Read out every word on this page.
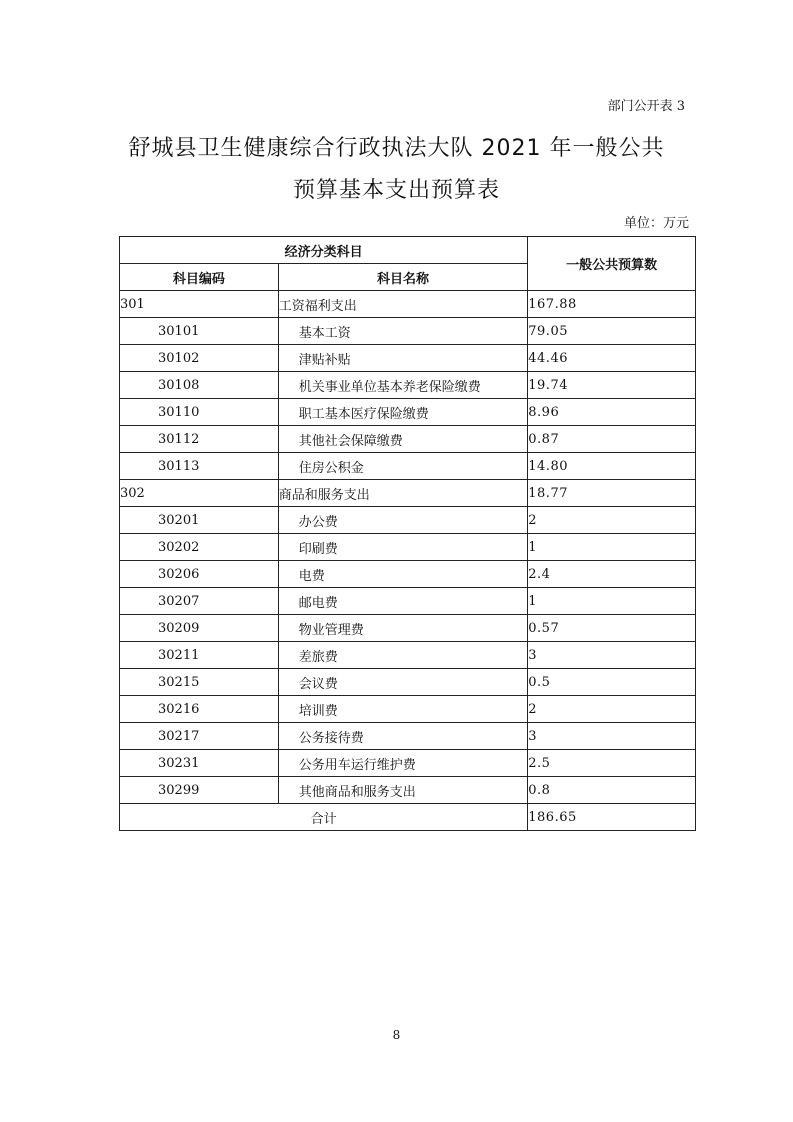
部门公开表 3
舒城县卫生健康综合行政执法大队 2021 年一般公共
预算基本支出预算表
单位：万元
经济分类科目		一般公共预算数
科目编码	科目名称	
301	工资福利支出	167.88
30101	基本工资	79.05
30102	津贴补贴	44.46
30108	机关事业单位基本养老保险缴费	19.74
30110	职工基本医疗保险缴费	8.96
30112	其他社会保障缴费	0.87
30113	住房公积金	14.80
302	商品和服务支出	18.77
30201	办公费	2
30202	印刷费	1
30206	电费	2.4
30207	邮电费	1
30209	物业管理费	0.57
30211	差旅费	3
30215	会议费	0.5
30216	培训费	2
30217	公务接待费	3
30231	公务用车运行维护费	2.5
30299	其他商品和服务支出	0.8
合计		186.65
8
